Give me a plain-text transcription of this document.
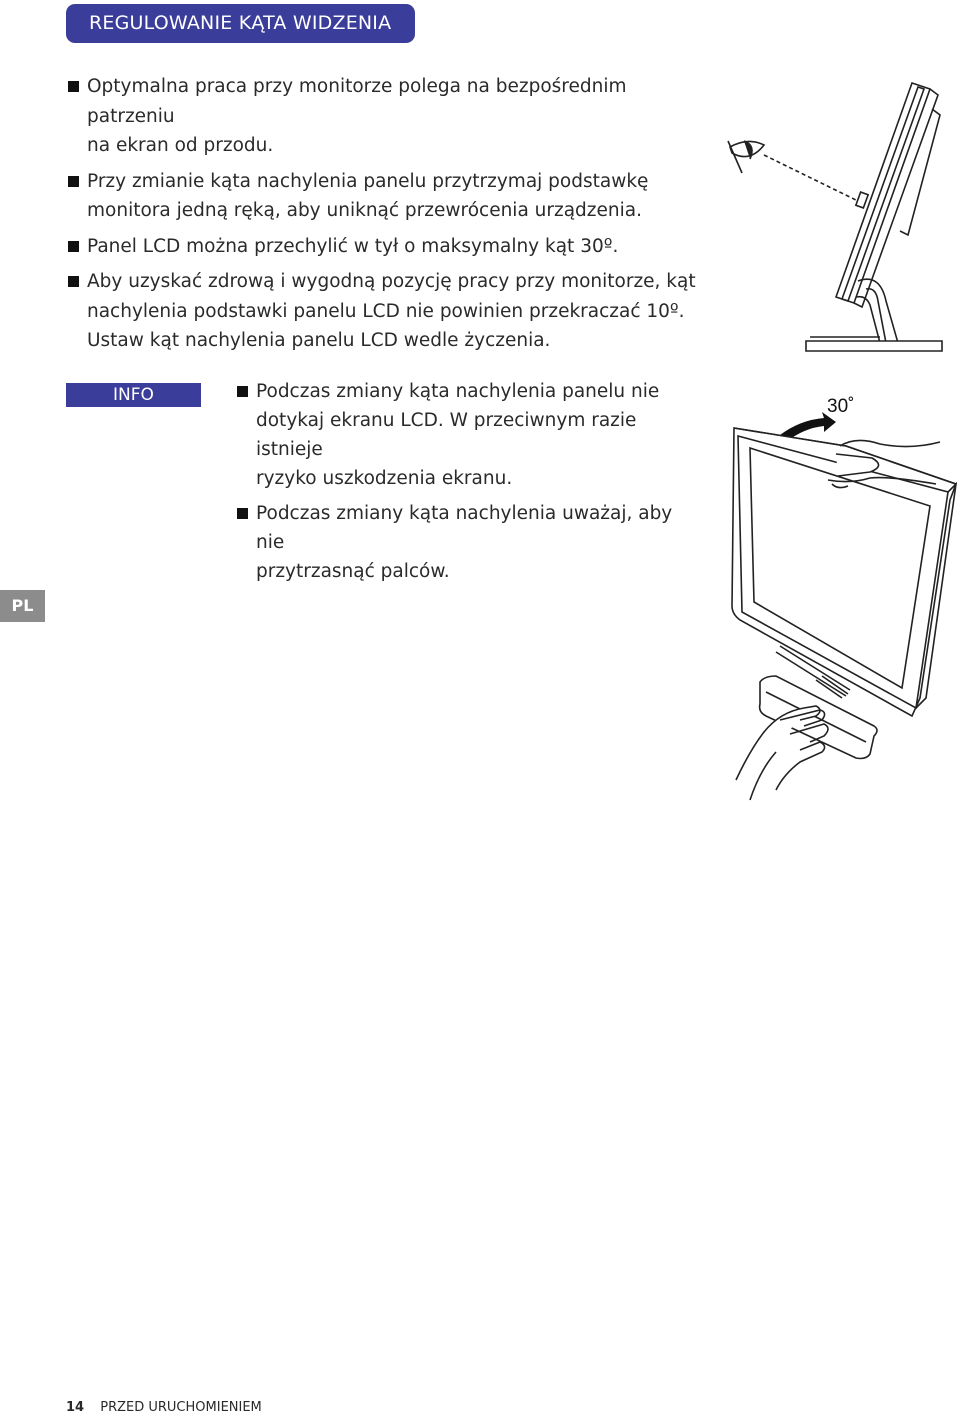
REGULOWANIE KĄTA WIDZENIA
Optymalna praca przy monitorze polega na bezpośrednim patrzeniu
na ekran od przodu.
Przy zmianie kąta nachylenia panelu przytrzymaj podstawkę
monitora jedną ręką, aby uniknąć przewrócenia urządzenia.
Panel LCD można przechylić w tył o maksymalny kąt 30º.
Aby uzyskać zdrową i wygodną pozycję pracy przy monitorze, kąt
nachylenia podstawki panelu LCD nie powinien przekraczać 10º.
Ustaw kąt nachylenia panelu LCD wedle życzenia.
INFO	Podczas zmiany kąta nachylenia panelu nie
dotykaj ekranu LCD. W przeciwnym razie istnieje
ryzyko uszkodzenia ekranu.
Podczas zmiany kąta nachylenia uważaj, aby nie
przytrzasnąć palców.
30˚
PL
14 PRZED URUCHOMIENIEM
